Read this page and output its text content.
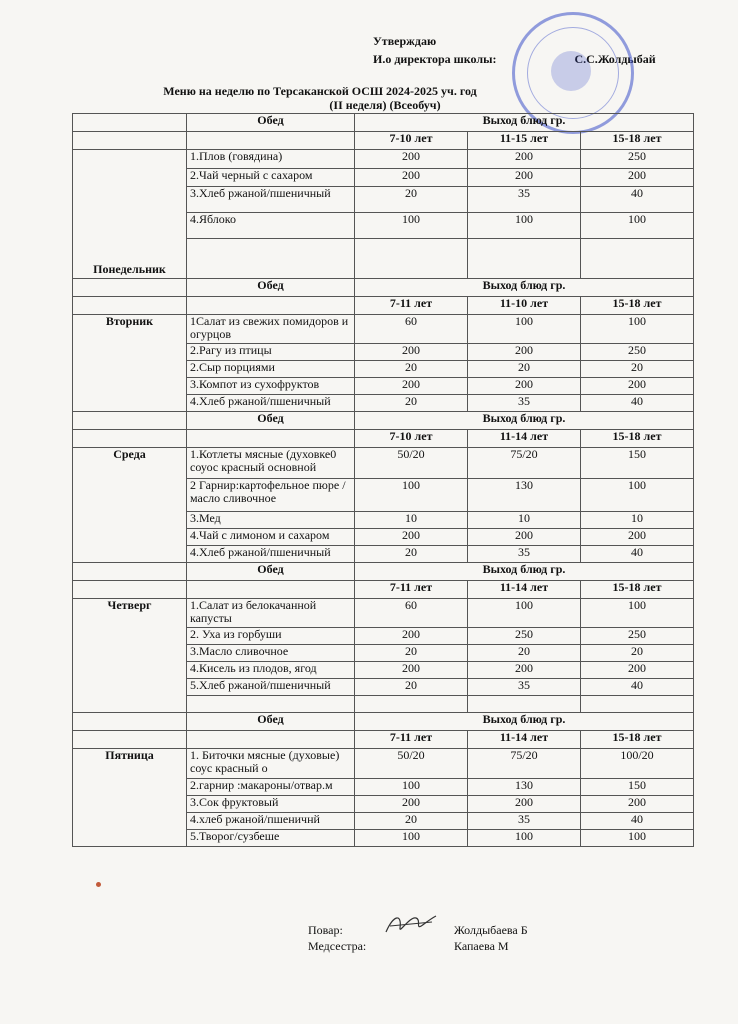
Утверждаю
И.о директора школы:	С.С.Жолдыбай
Меню на неделю по Терсаканской ОСШ 2024-2025 уч. год
(II неделя) (Всеобуч)
	Обед	Выход блюд гр.		
		7-10 лет	11-15 лет	15-18 лет
Понедельник	1.Плов (говядина)	200	200	250
	2.Чай черный с сахаром	200	200	200
	3.Хлеб ржаной/пшеничный	20	35	40
	4.Яблоко	100	100	100

	Обед	Выход блюд гр.		
		7-11 лет	11-10 лет	15-18 лет
Вторник	1Салат из свежих помидоров и огурцов	60	100	100
	2.Рагу из птицы	200	200	250
	2.Сыр порциями	20	20	20
	3.Компот из сухофруктов	200	200	200
	4.Хлеб ржаной/пшеничный	20	35	40
	Обед	Выход блюд гр.		
		7-10 лет	11-14 лет	15-18 лет
Среда	1.Котлеты мясные (духовке0 соуос красный основной	50/20	75/20	150
	2 Гарнир:картофельное пюре /масло сливочное	100	130	100
	3.Мед	10	10	10
	4.Чай с лимоном и сахаром	200	200	200
	4.Хлеб ржаной/пшеничный	20	35	40
	Обед	Выход блюд гр.		
		7-11 лет	11-14 лет	15-18 лет
Четверг	1.Салат из белокачанной капусты	60	100	100
	2. Уха из горбуши	200	250	250
	3.Масло сливочное	20	20	20
	4.Кисель из плодов, ягод	200	200	200
	5.Хлеб ржаной/пшеничный	20	35	40

	Обед	Выход блюд гр.		
		7-11 лет	11-14 лет	15-18 лет
Пятница	1. Биточки мясные (духовые) соус красный о	50/20	75/20	100/20
	2.гарнир :макароны/отвар.м	100	130	150
	3.Сок фруктовый	200	200	200
	4.хлеб ржаной/пшеничнй	20	35	40
	5.Творог/сузбеше	100	100	100
Повар:	Жолдыбаева Б
Медсестра:	Капаева М
